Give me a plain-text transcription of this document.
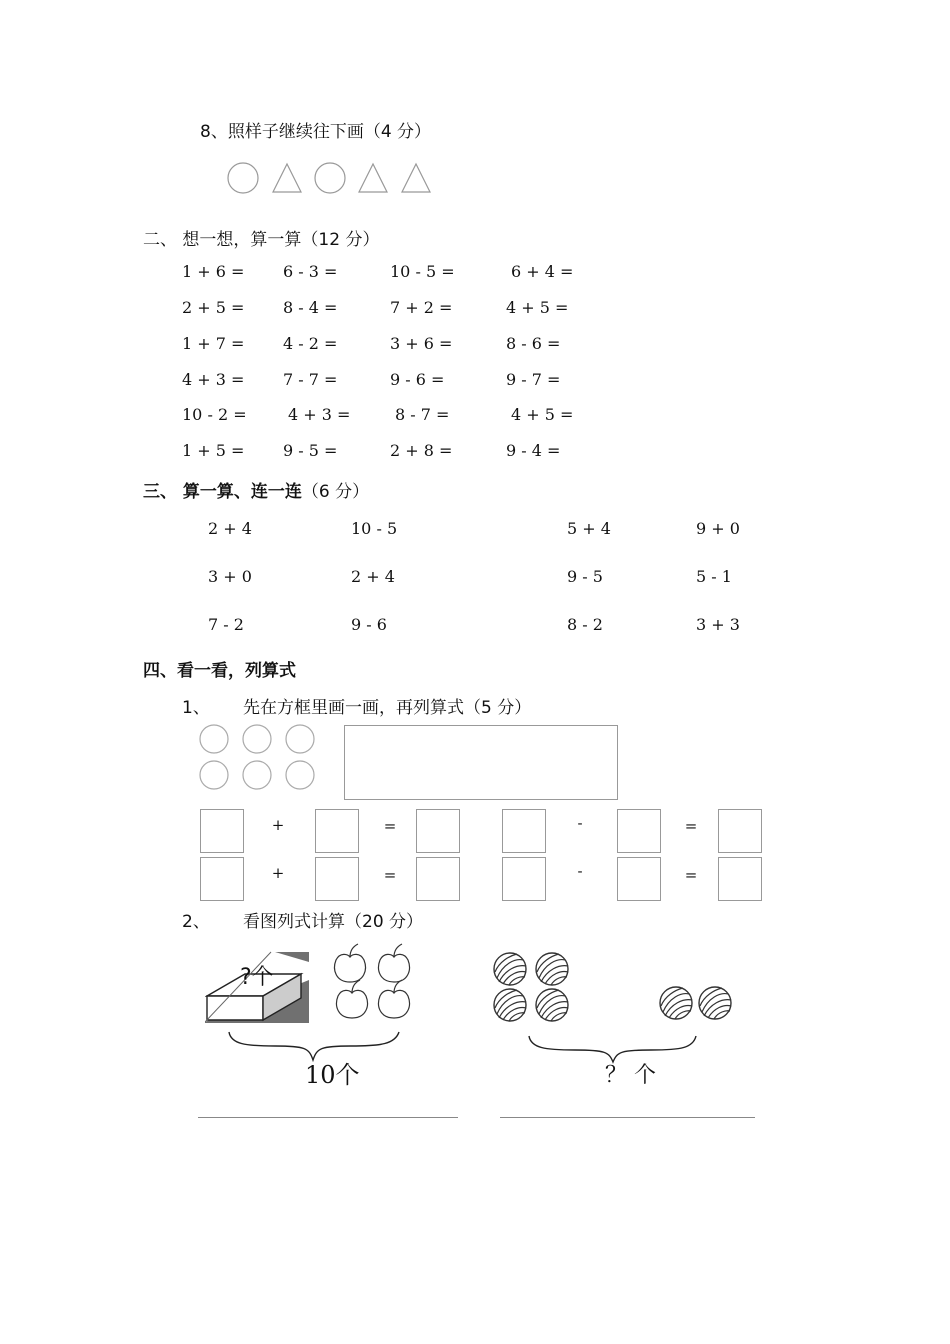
8、照样子继续往下画（4 分）
二、 想一想，算一算（12 分）
1 + 6 = 6 - 3 =	10 - 5 =	6 + 4 =
2 + 5 = 8 - 4 =	7 + 2 =	4 + 5 =
1 + 7 = 4 - 2 =	3 + 6 =	8 - 6 =
4 + 3 = 7 - 7 =	9 - 6 =	9 - 7 =
10 - 2 =	4 + 3 =	8 - 7 =	4 + 5 =
1 + 5 = 9 - 5 =	2 + 8 =	9 - 4 =
三、 算一算、连一连（6 分）
2 + 4	10 - 5	5 + 4	9 + 0
3 + 0	2 + 4	9 - 5	5 - 1
7 - 2	9 - 6	8 - 2	3 + 3
四、看一看，列算式
1、 先在方框里画一画，再列算式（5 分）
+	=	-	=
+	=	-	=
2、 看图列式计算（20 分）
?个
10个	？ 个
